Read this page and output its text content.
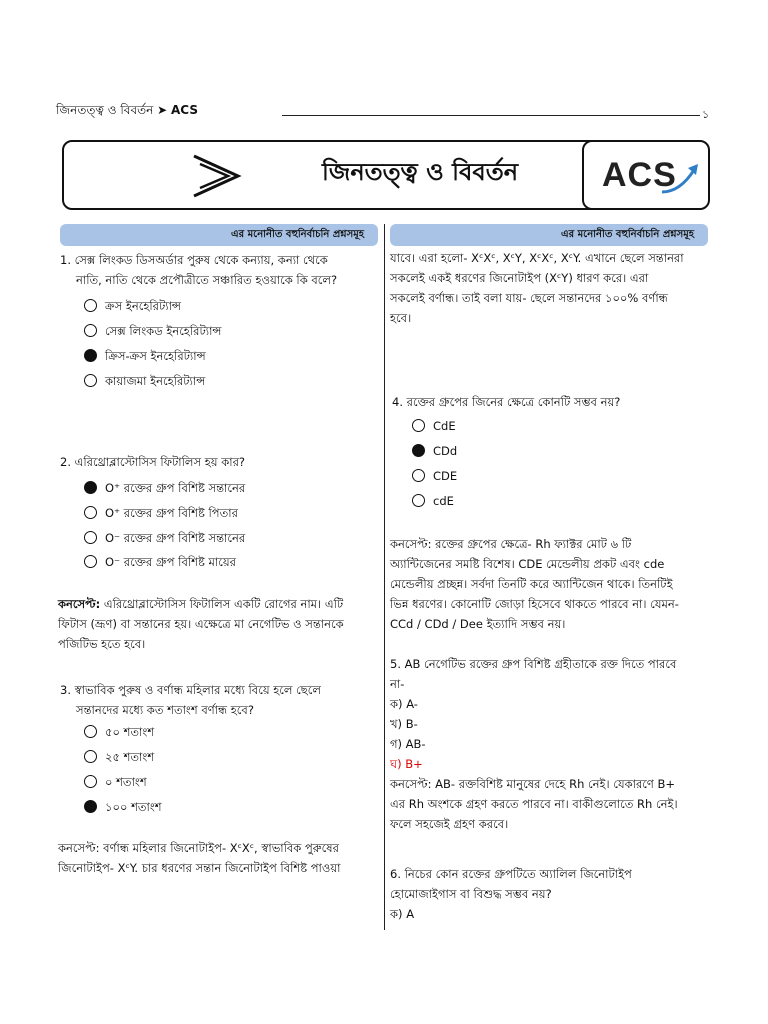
জিনতত্ত্ব ও বিবর্তন ➤ ACS	১
জিনতত্ত্ব ও বিবর্তন ACS
এর মনোনীত বহুনির্বাচনি প্রশ্নসমূহ	এর মনোনীত বহুনির্বাচনি প্রশ্নসমূহ
1. সেক্স লিংকড ডিসঅর্ডার পুরুষ থেকে কন্যায়, কন্যা থেকে
নাতি, নাতি থেকে প্রপৌত্রীতে সঞ্চারিত হওয়াকে কি বলে?
ক্রস ইনহেরিট্যান্স
সেক্স লিংকড ইনহেরিট্যান্স
ক্রিস-ক্রস ইনহেরিট্যান্স
কায়াজমা ইনহেরিট্যান্স
2. এরিথ্রোব্লাস্টোসিস ফিটালিস হয় কার?
O⁺ রক্তের গ্রুপ বিশিষ্ট সন্তানের
O⁺ রক্তের গ্রুপ বিশিষ্ট পিতার
O⁻ রক্তের গ্রুপ বিশিষ্ট সন্তানের
O⁻ রক্তের গ্রুপ বিশিষ্ট মায়ের
কনসেপ্ট: এরিথ্রোব্লাস্টোসিস ফিটালিস একটি রোগের নাম। এটি
ফিটাস (ভ্রূণ) বা সন্তানের হয়। এক্ষেত্রে মা নেগেটিভ ও সন্তানকে
পজিটিভ হতে হবে।
3. স্বাভাবিক পুরুষ ও বর্ণান্ধ মহিলার মধ্যে বিয়ে হলে ছেলে
সন্তানদের মধ্যে কত শতাংশ বর্ণান্ধ হবে?
৫০ শতাংশ
২৫ শতাংশ
০ শতাংশ
১০০ শতাংশ
কনসেপ্ট: বর্ণান্ধ মহিলার জিনোটাইপ- XᶜXᶜ, স্বাভাবিক পুরুষের
জিনোটাইপ- XᶜY. চার ধরণের সন্তান জিনোটাইপ বিশিষ্ট পাওয়া
যাবে। এরা হলো- XᶜXᶜ, XᶜY, XᶜXᶜ, XᶜY. এখানে ছেলে সন্তানরা
সকলেই একই ধরণের জিনোটাইপ (XᶜY) ধারণ করে। এরা
সকলেই বর্ণান্ধ। তাই বলা যায়- ছেলে সন্তানদের ১০০% বর্ণান্ধ
হবে।
4. রক্তের গ্রুপের জিনের ক্ষেত্রে কোনটি সম্ভব নয়?
CdE
CDd
CDE
cdE
কনসেপ্ট: রক্তের গ্রুপের ক্ষেত্রে- Rh ফ্যাক্টর মোট ৬ টি
অ্যান্টিজেনের সমষ্টি বিশেষ। CDE মেন্ডেলীয় প্রকট এবং cde
মেন্ডেলীয় প্রচ্ছন্ন। সর্বদা তিনটি করে অ্যান্টিজেন থাকে। তিনটিই
ভিন্ন ধরণের। কোনোটি জোড়া হিসেবে থাকতে পারবে না। যেমন-
CCd / CDd / Dee ইত্যাদি সম্ভব নয়।
5. AB নেগেটিভ রক্তের গ্রুপ বিশিষ্ট গ্রহীতাকে রক্ত দিতে পারবে
না-
ক) A-
খ) B-
গ) AB-
ঘ) B+
কনসেপ্ট: AB- রক্তবিশিষ্ট মানুষের দেহে Rh নেই। যেকারণে B+
এর Rh অংশকে গ্রহণ করতে পারবে না। বাকীগুলোতে Rh নেই।
ফলে সহজেই গ্রহণ করবে।
6. নিচের কোন রক্তের গ্রুপটিতে অ্যালিল জিনোটাইপ
হোমোজাইগাস বা বিশুদ্ধ সম্ভব নয়?
ক) A
